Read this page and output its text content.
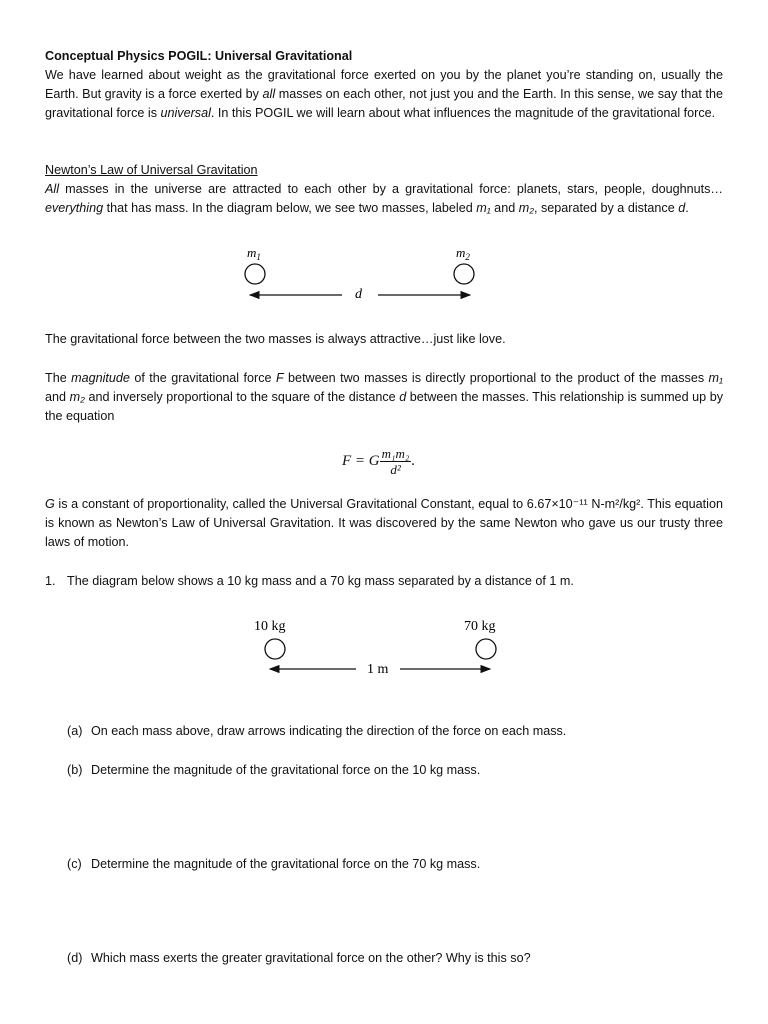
Conceptual Physics POGIL: Universal Gravitational
We have learned about weight as the gravitational force exerted on you by the planet you’re standing on, usually the Earth. But gravity is a force exerted by all masses on each other, not just you and the Earth. In this sense, we say that the gravitational force is universal. In this POGIL we will learn about what influences the magnitude of the gravitational force.
Newton’s Law of Universal Gravitation
All masses in the universe are attracted to each other by a gravitational force: planets, stars, people, doughnuts…everything that has mass. In the diagram below, we see two masses, labeled m₁ and m₂, separated by a distance d.
$m_1$	$m_2$
d
The gravitational force between the two masses is always attractive…just like love.
The magnitude of the gravitational force F between two masses is directly proportional to the product of the masses m₁ and m₂ and inversely proportional to the square of the distance d between the masses. This relationship is summed up by the equation
F = G $\frac{\text{m₁m₂}}{\text{d²}}$ .
G is a constant of proportionality, called the Universal Gravitational Constant, equal to 6.67×10⁻¹¹ N-m²/kg². This equation is known as Newton’s Law of Universal Gravitation. It was discovered by the same Newton who gave us our trusty three laws of motion.
1. The diagram below shows a 10 kg mass and a 70 kg mass separated by a distance of 1 m.
10 kg	70 kg
1 m
(a) On each mass above, draw arrows indicating the direction of the force on each mass.
(b) Determine the magnitude of the gravitational force on the 10 kg mass.
(c) Determine the magnitude of the gravitational force on the 70 kg mass.
(d) Which mass exerts the greater gravitational force on the other? Why is this so?
